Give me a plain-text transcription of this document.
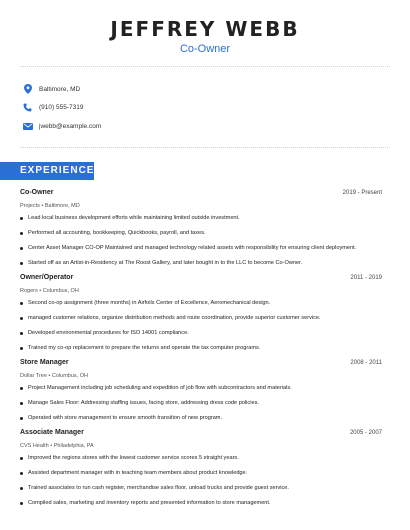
JEFFREY WEBB
Co-Owner
Baltimore, MD
(910) 555-7319
jwebb@example.com
EXPERIENCE
Co-Owner	2019 - Present
Projects • Baltimore, MD
Lead local business development efforts while maintaining limited outside investment.
Performed all accounting, bookkeeping, Quickbooks, payroll, and taxes.
Center Asset Manager CO-OP Maintained and managed technology related assets with responsibility for ensuring client deployment.
Started off as an Artist-in-Residency at The Roost Gallery, and later bought in to the LLC to become Co-Owner.
Owner/Operator	2011 - 2019
Rogers • Columbus, OH
Second co-op assignment (three months) in Airfoils Center of Excellence, Aeromechanical design.
managed customer relations, organize distribution methods and route coordination, provide superior customer service.
Developed environmental procedures for ISO 14001 compliance.
Trained my co-op replacement to prepare the returns and operate the tax computer programs.
Store Manager	2008 - 2011
Dollar Tree • Columbus, OH
Project Management including job scheduling and expedition of job flow with subcontractors and materials.
Manage Sales Floor: Addressing staffing issues, facing store, addressing dress code policies.
Operated with store management to ensure smooth transition of new program.
Associate Manager	2005 - 2007
CVS Health • Philadelphia, PA
Improved the regions stores with the lowest customer service scores 5 straight years.
Assisted department manager with in teaching team members about product knowledge.
Trained associates to run cash register, merchandise sales floor, unload trucks and provide guest service.
Compiled sales, marketing and inventory reports and presented information to store management.
